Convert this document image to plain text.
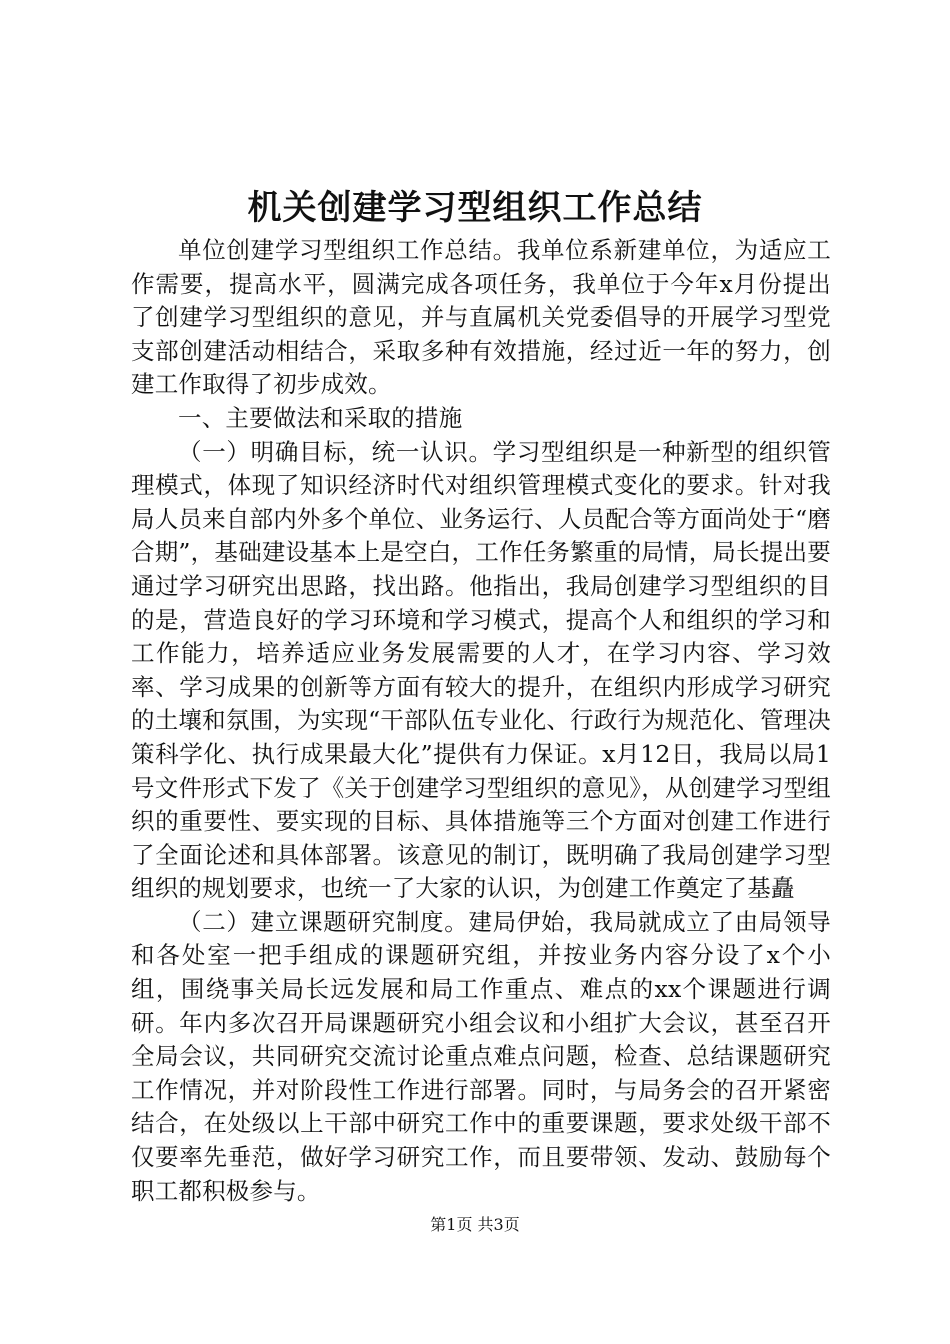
机关创建学习型组织工作总结

单位创建学习型组织工作总结。我单位系新建单位，为适应工作需要，提高水平，圆满完成各项任务，我单位于今年x月份提出了创建学习型组织的意见，并与直属机关党委倡导的开展学习型党支部创建活动相结合，采取多种有效措施，经过近一年的努力，创建工作取得了初步成效。

一、主要做法和采取的措施

（一）明确目标，统一认识。学习型组织是一种新型的组织管理模式，体现了知识经济时代对组织管理模式变化的要求。针对我局人员来自部内外多个单位、业务运行、人员配合等方面尚处于“磨合期”，基础建设基本上是空白，工作任务繁重的局情，局长提出要通过学习研究出思路，找出路。他指出，我局创建学习型组织的目的是，营造良好的学习环境和学习模式，提高个人和组织的学习和工作能力，培养适应业务发展需要的人才，在学习内容、学习效率、学习成果的创新等方面有较大的提升，在组织内形成学习研究的土壤和氛围，为实现“干部队伍专业化、行政行为规范化、管理决策科学化、执行成果最大化”提供有力保证。x月12日，我局以局1号文件形式下发了《关于创建学习型组织的意见》，从创建学习型组织的重要性、要实现的目标、具体措施等三个方面对创建工作进行了全面论述和具体部署。该意见的制订，既明确了我局创建学习型组织的规划要求，也统一了大家的认识，为创建工作奠定了基矗

（二）建立课题研究制度。建局伊始，我局就成立了由局领导和各处室一把手组成的课题研究组，并按业务内容分设了x个小组，围绕事关局长远发展和局工作重点、难点的xx个课题进行调研。年内多次召开局课题研究小组会议和小组扩大会议，甚至召开全局会议，共同研究交流讨论重点难点问题，检查、总结课题研究工作情况，并对阶段性工作进行部署。同时，与局务会的召开紧密结合，在处级以上干部中研究工作中的重要课题，要求处级干部不仅要率先垂范，做好学习研究工作，而且要带领、发动、鼓励每个职工都积极参与。

第1页 共3页
